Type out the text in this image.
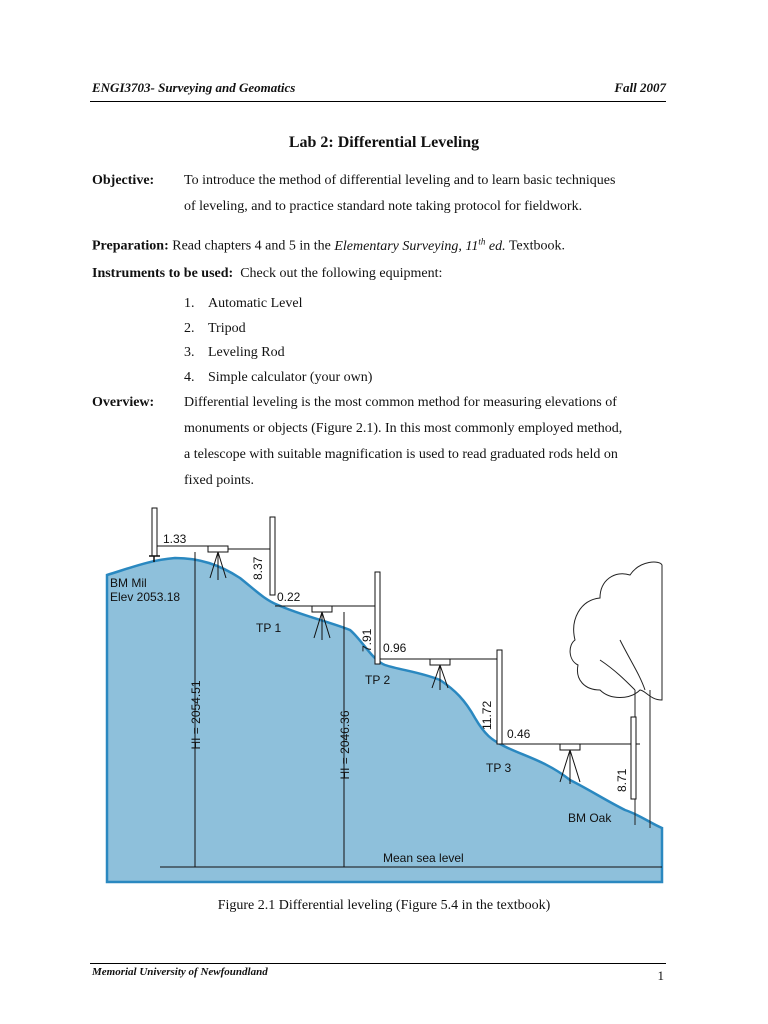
ENGI3703- Surveying and Geomatics	Fall 2007
Lab 2: Differential Leveling
Objective: To introduce the method of differential leveling and to learn basic techniques
of leveling, and to practice standard note taking protocol for fieldwork.
Preparation: Read chapters 4 and 5 in the Elementary Surveying, 11th ed. Textbook.
Instruments to be used: Check out the following equipment:
1. Automatic Level
2. Tripod
3. Leveling Rod
4. Simple calculator (your own)
Overview: Differential leveling is the most common method for measuring elevations of
monuments or objects (Figure 2.1). In this most commonly employed method,
a telescope with suitable magnification is used to read graduated rods held on
fixed points.
Mean sea level
1.33
BM Mil
Elev 2053.18
HI = 2054.51
8.37
0.22
TP 1
HI = 2046.36
7.91 0.96
TP 2
11.72
0.46
TP 3
8.71
BM Oak
Figure 2.1 Differential leveling (Figure 5.4 in the textbook)
Memorial University of Newfoundland	1
